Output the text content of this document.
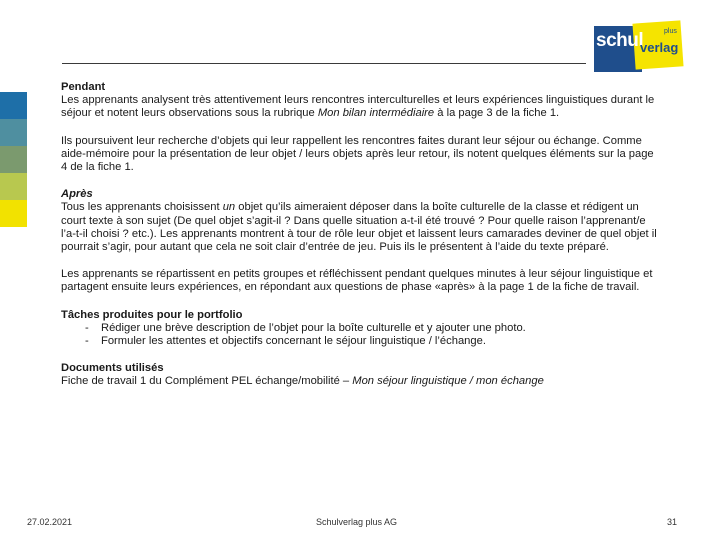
schul	plus
verlag

Pendant

Les apprenants analysent très attentivement leurs rencontres interculturelles et leurs expériences linguistiques durant le séjour et notent leurs observations sous la rubrique Mon bilan intermédiaire à la page 3 de la fiche 1.

Ils poursuivent leur recherche d’objets qui leur rappellent les rencontres faites durant leur séjour ou échange. Comme aide-mémoire pour la présentation de leur objet / leurs objets après leur retour, ils notent quelques éléments sur la page 4 de la fiche 1.

Après

Tous les apprenants choisissent un objet qu’ils aimeraient déposer dans la boîte culturelle de la classe et rédigent un court texte à son sujet (De quel objet s’agit-il ? Dans quelle situation a-t-il été trouvé ? Pour quelle raison l’apprenant/e l’a-t-il choisi ? etc.). Les apprenants montrent à tour de rôle leur objet et laissent leurs camarades deviner de quel objet il pourrait s’agir, pour autant que cela ne soit clair d’entrée de jeu. Puis ils le présentent à l’aide du texte préparé.

Les apprenants se répartissent en petits groupes et réfléchissent pendant quelques minutes à leur séjour linguistique et partagent ensuite leurs expériences, en répondant aux questions de phase «après» à la page 1 de la fiche de travail.

Tâches produites pour le portfolio

- Rédiger une brève description de l’objet pour la boîte culturelle et y ajouter une photo.
- Formuler les attentes et objectifs concernant le séjour linguistique / l’échange.

Documents utilisés

Fiche de travail 1 du Complément PEL échange/mobilité – Mon séjour linguistique / mon échange

27.02.2021	Schulverlag plus AG	31
